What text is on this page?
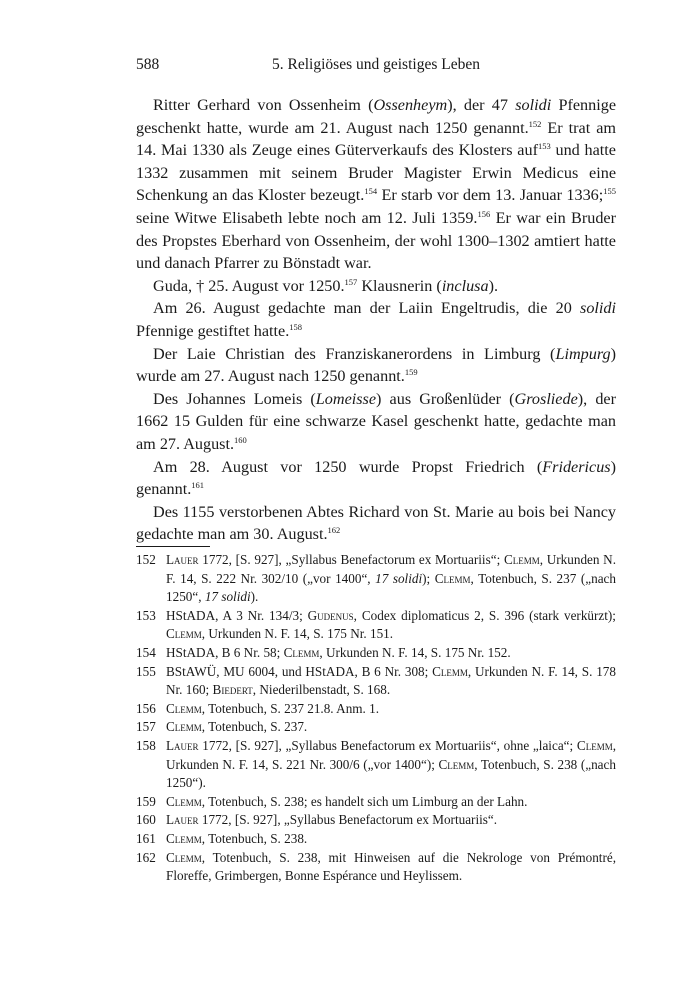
588	5. Religiöses und geistiges Leben

Ritter Gerhard von Ossenheim (Ossenheym), der 47 solidi Pfennige geschenkt hatte, wurde am 21. August nach 1250 genannt.$^{152}$ Er trat am 14. Mai 1330 als Zeuge eines Güterverkaufs des Klosters auf$^{153}$ und hatte 1332 zusammen mit seinem Bruder Magister Erwin Medicus eine Schenkung an das Kloster bezeugt.$^{154}$ Er starb vor dem 13. Januar 1336;$^{155}$ seine Witwe Elisabeth lebte noch am 12. Juli 1359.$^{156}$ Er war ein Bruder des Propstes Eberhard von Ossenheim, der wohl 1300–1302 amtiert hatte und danach Pfarrer zu Bönstadt war.

Guda, † 25. August vor 1250.$^{157}$ Klausnerin (inclusa).

Am 26. August gedachte man der Laiin Engeltrudis, die 20 solidi Pfennige gestiftet hatte.$^{158}$

Der Laie Christian des Franziskanerordens in Limburg (Limpurg) wurde am 27. August nach 1250 genannt.$^{159}$

Des Johannes Lomeis (Lomeisse) aus Großenlüder (Grosliede), der 1662 15 Gulden für eine schwarze Kasel geschenkt hatte, gedachte man am 27. August.$^{160}$

Am 28. August vor 1250 wurde Propst Friedrich (Fridericus) genannt.$^{161}$

Des 1155 verstorbenen Abtes Richard von St. Marie au bois bei Nancy gedachte man am 30. August.$^{162}$

152 Lauer 1772, [S. 927], „Syllabus Benefactorum ex Mortuariis“; Clemm, Urkunden N. F. 14, S. 222 Nr. 302/10 („vor 1400“, 17 solidi); Clemm, Totenbuch, S. 237 („nach 1250“, 17 solidi).
153 HStADA, A 3 Nr. 134/3; Gudenus, Codex diplomaticus 2, S. 396 (stark verkürzt); Clemm, Urkunden N. F. 14, S. 175 Nr. 151.
154 HStADA, B 6 Nr. 58; Clemm, Urkunden N. F. 14, S. 175 Nr. 152.
155 BStAWÜ, MU 6004, und HStADA, B 6 Nr. 308; Clemm, Urkunden N. F. 14, S. 178 Nr. 160; Biedert, Niederilbenstadt, S. 168.
156 Clemm, Totenbuch, S. 237 21.8. Anm. 1.
157 Clemm, Totenbuch, S. 237.
158 Lauer 1772, [S. 927], „Syllabus Benefactorum ex Mortuariis“, ohne „laica“; Clemm, Urkunden N. F. 14, S. 221 Nr. 300/6 („vor 1400“); Clemm, Totenbuch, S. 238 („nach 1250“).
159 Clemm, Totenbuch, S. 238; es handelt sich um Limburg an der Lahn.
160 Lauer 1772, [S. 927], „Syllabus Benefactorum ex Mortuariis“.
161 Clemm, Totenbuch, S. 238.
162 Clemm, Totenbuch, S. 238, mit Hinweisen auf die Nekrologe von Prémontré, Floreffe, Grimbergen, Bonne Espérance und Heylissem.
